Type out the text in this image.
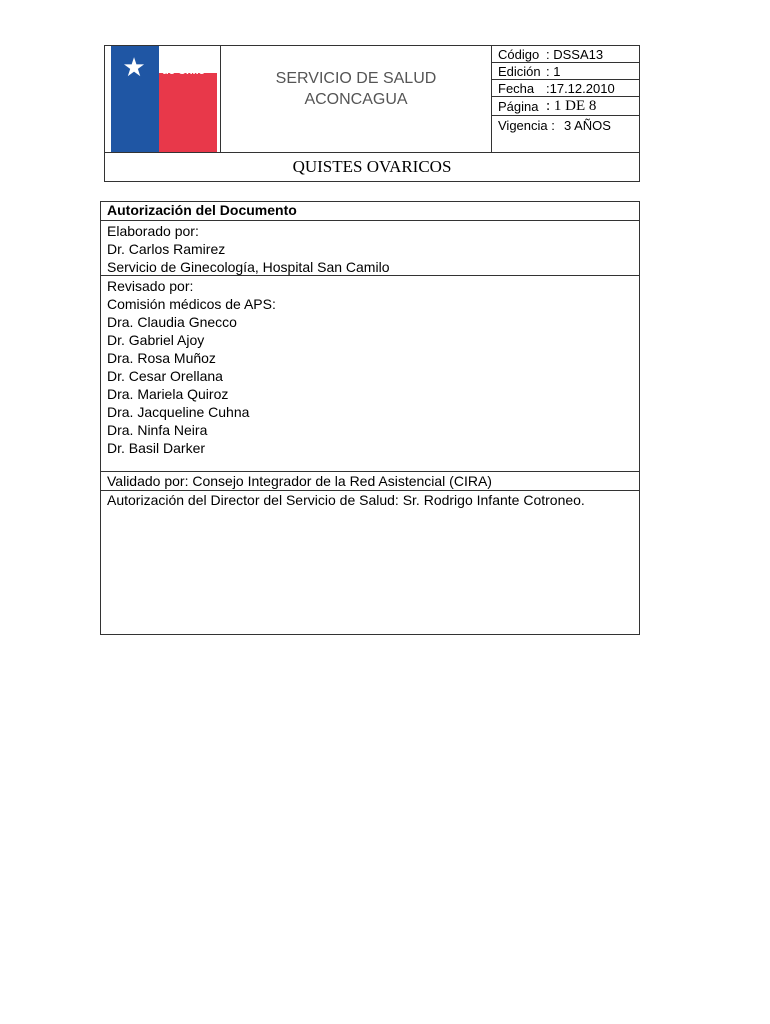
★	Gobierno
de Chile	SERVICIO DE SALUD
ACONCAGUA
Código : DSSA13
Edición : 1
Fecha :17.12.2010
Página : 1 DE 8
Vigencia : 3 AÑOS
QUISTES OVARICOS
Autorización del Documento
Elaborado por:
Dr. Carlos Ramirez
Servicio de Ginecología, Hospital San Camilo
Revisado por:
Comisión médicos de APS:
Dra. Claudia Gnecco
Dr. Gabriel Ajoy
Dra. Rosa Muñoz
Dr. Cesar Orellana
Dra. Mariela Quiroz
Dra. Jacqueline Cuhna
Dra. Ninfa Neira
Dr. Basil Darker
Validado por: Consejo Integrador de la Red Asistencial (CIRA)
Autorización del Director del Servicio de Salud: Sr. Rodrigo Infante Cotroneo.
